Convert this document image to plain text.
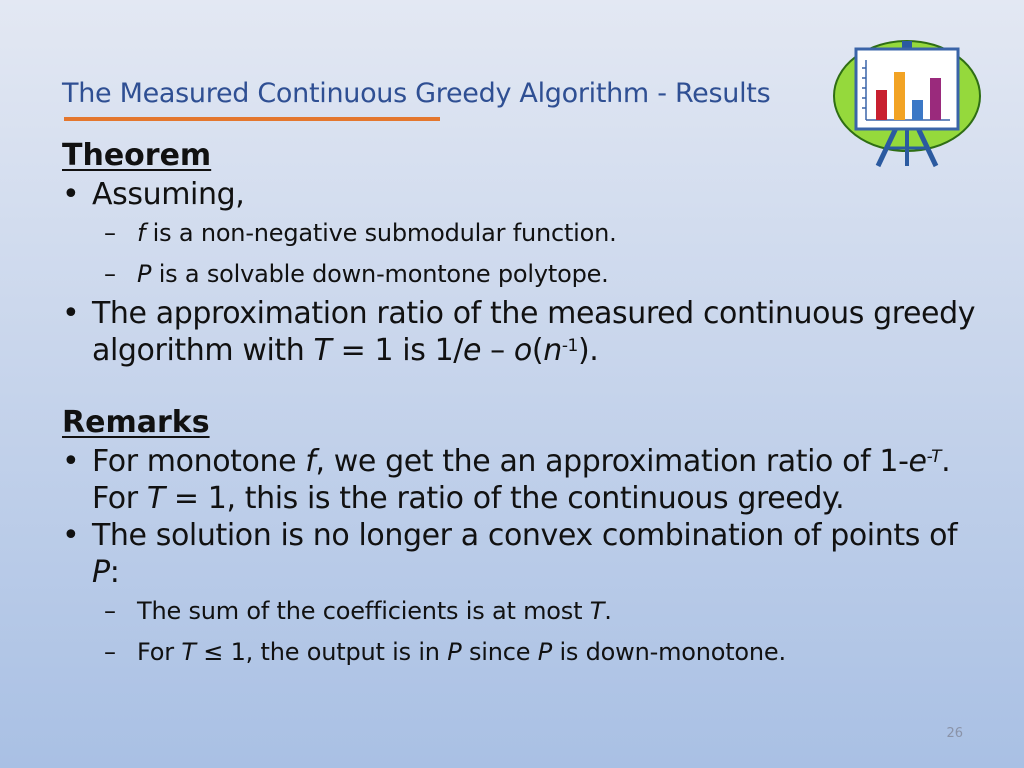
The Measured Continuous Greedy Algorithm - Results
Theorem
• Assuming,
– f is a non-negative submodular function.
– P is a solvable down-montone polytope.
• The approximation ratio of the measured continuous greedy algorithm with T = 1 is $1/e - o(n^{-1})$.
Remarks
• For monotone f, we get the an approximation ratio of $1-e^{-T}$. For T = 1, this is the ratio of the continuous greedy.
• The solution is no longer a convex combination of points of P:
– The sum of the coefficients is at most T.
– For T ≤ 1, the output is in P since P is down-monotone.
26
